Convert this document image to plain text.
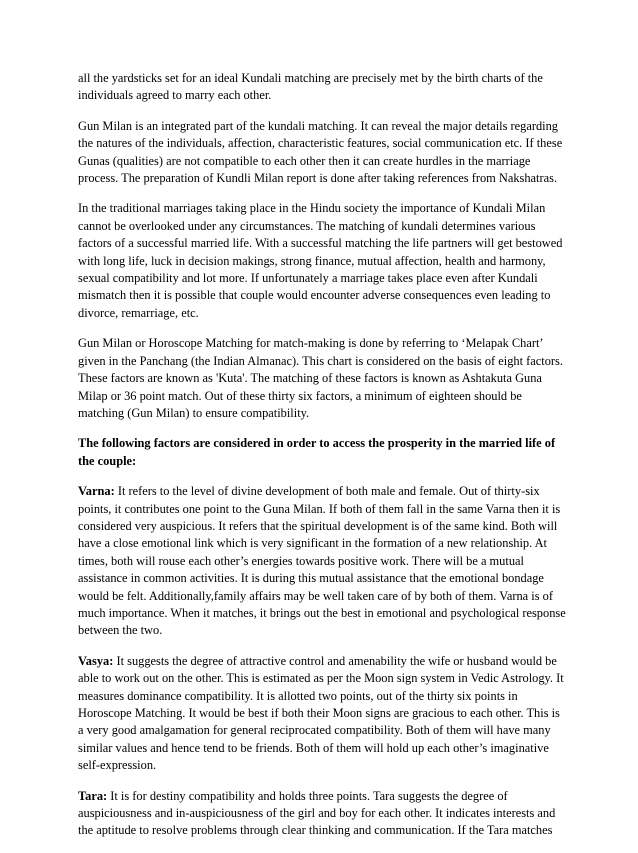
all the yardsticks set for an ideal Kundali matching are precisely met by the birth charts of the individuals agreed to marry each other.

Gun Milan is an integrated part of the kundali matching. It can reveal the major details regarding the natures of the individuals, affection, characteristic features, social communication etc. If these Gunas (qualities) are not compatible to each other then it can create hurdles in the marriage process. The preparation of Kundli Milan report is done after taking references from Nakshatras.

In the traditional marriages taking place in the Hindu society the importance of Kundali Milan cannot be overlooked under any circumstances. The matching of kundali determines various factors of a successful married life. With a successful matching the life partners will get bestowed with long life, luck in decision makings, strong finance, mutual affection, health and harmony, sexual compatibility and lot more. If unfortunately a marriage takes place even after Kundali mismatch then it is possible that couple would encounter adverse consequences even leading to divorce, remarriage, etc.

Gun Milan or Horoscope Matching for match-making is done by referring to ‘Melapak Chart’ given in the Panchang (the Indian Almanac). This chart is considered on the basis of eight factors. These factors are known as 'Kuta'. The matching of these factors is known as Ashtakuta Guna Milap or 36 point match. Out of these thirty six factors, a minimum of eighteen should be matching (Gun Milan) to ensure compatibility.

The following factors are considered in order to access the prosperity in the married life of the couple:

Varna: It refers to the level of divine development of both male and female. Out of thirty-six points, it contributes one point to the Guna Milan. If both of them fall in the same Varna then it is considered very auspicious. It refers that the spiritual development is of the same kind. Both will have a close emotional link which is very significant in the formation of a new relationship. At times, both will rouse each other’s energies towards positive work. There will be a mutual assistance in common activities. It is during this mutual assistance that the emotional bondage would be felt. Additionally,family affairs may be well taken care of by both of them. Varna is of much importance. When it matches, it brings out the best in emotional and psychological response between the two.

Vasya: It suggests the degree of attractive control and amenability the wife or husband would be able to work out on the other. This is estimated as per the Moon sign system in Vedic Astrology. It measures dominance compatibility. It is allotted two points, out of the thirty six points in Horoscope Matching. It would be best if both their Moon signs are gracious to each other. This is a very good amalgamation for general reciprocated compatibility. Both of them will have many similar values and hence tend to be friends. Both of them will hold up each other’s imaginative self-expression.

Tara: It is for destiny compatibility and holds three points. Tara suggests the degree of auspiciousness and in-auspiciousness of the girl and boy for each other. It indicates interests and the aptitude to resolve problems through clear thinking and communication. If the Tara matches
